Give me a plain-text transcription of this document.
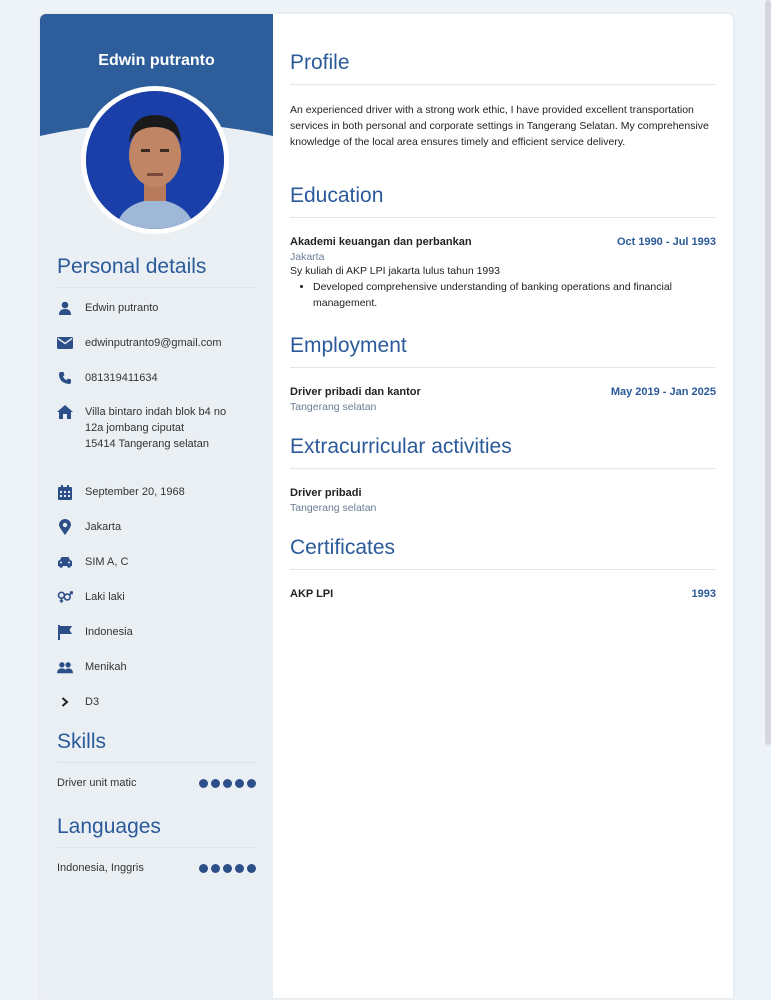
Edwin putranto
Personal details
Edwin putranto
edwinputranto9@gmail.com
081319411634
Villa bintaro indah blok b4 no
12a jombang ciputat
15414 Tangerang selatan
September 20, 1968
Jakarta
SIM A, C
Laki laki
Indonesia
Menikah
D3
Skills
Driver unit matic
Languages
Indonesia, Inggris
Profile

An experienced driver with a strong work ethic, I have provided excellent transportation services in both personal and corporate settings in Tangerang Selatan. My comprehensive knowledge of the local area ensures timely and efficient service delivery.

Education
Akademi keuangan dan perbankan	Oct 1990 - Jul 1993
Jakarta
Sy kuliah di AKP LPI jakarta lulus tahun 1993
• Developed comprehensive understanding of banking operations and financial management.
Employment
Driver pribadi dan kantor	May 2019 - Jan 2025
Tangerang selatan
Extracurricular activities
Driver pribadi
Tangerang selatan
Certificates
AKP LPI	1993
